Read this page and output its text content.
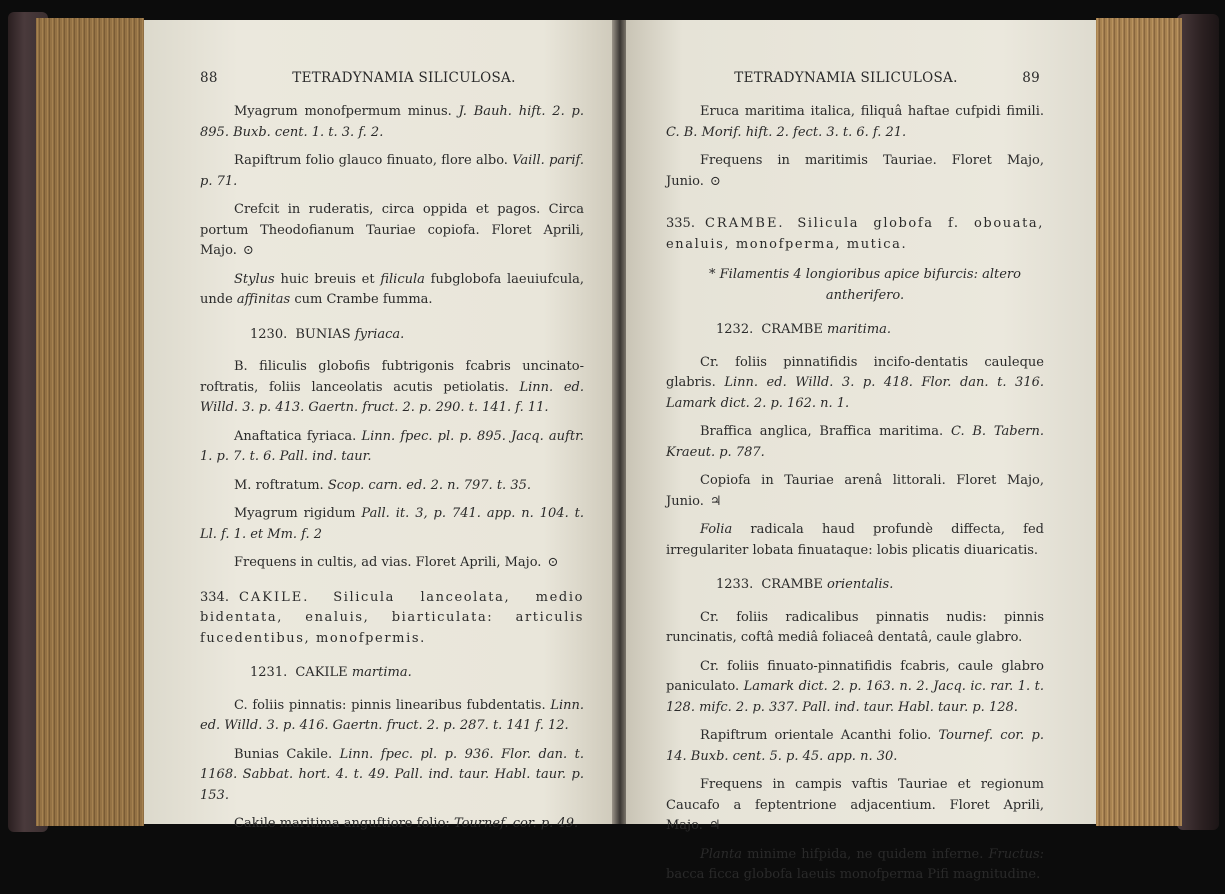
88	TETRADYNAMIA SILICULOSA.

Myagrum monofpermum minus. J. Bauh. hift. 2. p. 895. Buxb. cent. 1. t. 3. f. 2.

Rapiftrum folio glauco finuato, flore albo. Vaill. parif. p. 71.

Crefcit in ruderatis, circa oppida et pagos. Circa portum Theodofianum Tauriae copiofa. Floret Aprili, Majo. ⊙

Stylus huic breuis et filicula fubglobofa laeuiufcula, unde affinitas cum Crambe fumma.

1230. BUNIAS fyriaca.

B. filiculis globofis fubtrigonis fcabris uncinato-roftratis, foliis lanceolatis acutis petiolatis. Linn. ed. Willd. 3. p. 413. Gaertn. fruct. 2. p. 290. t. 141. f. 11.

Anaftatica fyriaca. Linn. fpec. pl. p. 895. Jacq. auftr. 1. p. 7. t. 6. Pall. ind. taur.

M. roftratum. Scop. carn. ed. 2. n. 797. t. 35.

Myagrum rigidum Pall. it. 3, p. 741. app. n. 104. t. Ll. f. 1. et Mm. f. 2

Frequens in cultis, ad vias. Floret Aprili, Majo. ⊙

334. CAKILE. Silicula lanceolata, medio bidentata, enaluis, biarticulata: articulis fucedentibus, monofpermis.

1231. CAKILE martima.

C. foliis pinnatis: pinnis linearibus fubdentatis. Linn. ed. Willd. 3. p. 416. Gaertn. fruct. 2. p. 287. t. 141 f. 12.

Bunias Cakile. Linn. fpec. pl. p. 936. Flor. dan. t. 1168. Sabbat. hort. 4. t. 49. Pall. ind. taur. Habl. taur. p. 153.

Cakile maritima anguftiore folio: Tournef. cor. p. 49.

TETRADYNAMIA SILICULOSA.	89

Eruca maritima italica, filiquâ haftae cufpidi fimili. C. B. Morif. hift. 2. fect. 3. t. 6. f. 21.

Frequens in maritimis Tauriae. Floret Majo, Junio. ⊙

335. CRAMBE. Silicula globofa f. obouata, enaluis, monofperma, mutica.

* Filamentis 4 longioribus apice bifurcis: altero antherifero.

1232. CRAMBE maritima.

Cr. foliis pinnatifidis incifo-dentatis cauleque glabris. Linn. ed. Willd. 3. p. 418. Flor. dan. t. 316. Lamark dict. 2. p. 162. n. 1.

Braffica anglica, Braffica maritima. C. B. Tabern. Kraeut. p. 787.

Copiofa in Tauriae arenâ littorali. Floret Majo, Junio. ♃

Folia radicala haud profundè diffecta, fed irregulariter lobata finuataque: lobis plicatis diuaricatis.

1233. CRAMBE orientalis.

Cr. foliis radicalibus pinnatis nudis: pinnis runcinatis, coftâ mediâ foliaceâ dentatâ, caule glabro.

Cr. foliis finuato-pinnatifidis fcabris, caule glabro paniculato. Lamark dict. 2. p. 163. n. 2. Jacq. ic. rar. 1. t. 128. mifc. 2. p. 337. Pall. ind. taur. Habl. taur. p. 128.

Rapiftrum orientale Acanthi folio. Tournef. cor. p. 14. Buxb. cent. 5. p. 45. app. n. 30.

Frequens in campis vaftis Tauriae et regionum Caucafo a feptentrione adjacentium. Floret Aprili, Majo. ♃

Planta minime hifpida, ne quidem inferne. Fructus: bacca ficca globofa laeuis monofperma Pifi magnitudine.
